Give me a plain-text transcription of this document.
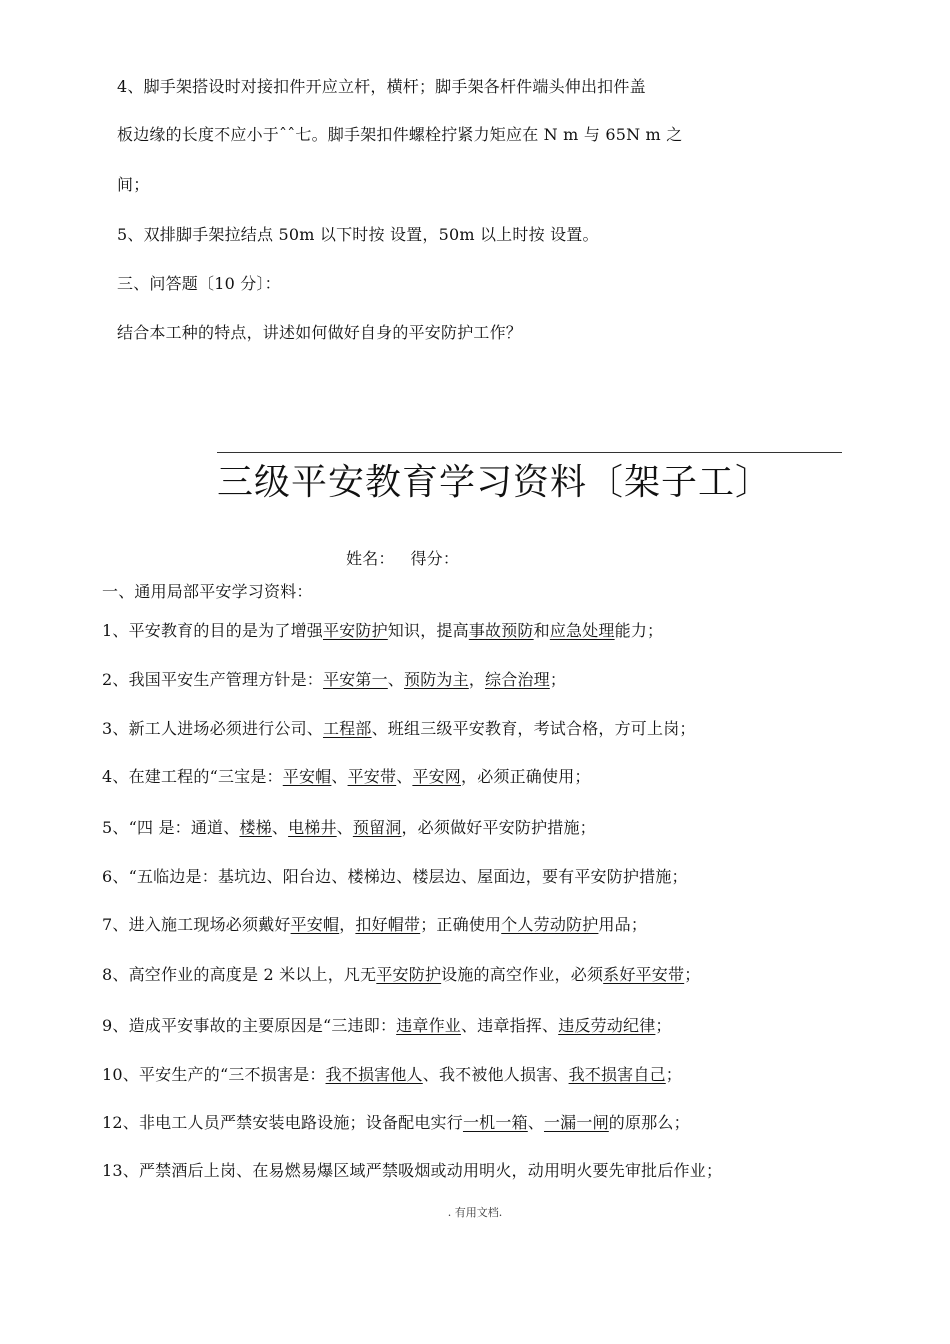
4、脚手架搭设时对接扣件开应立杆，横杆；脚手架各杆件端头伸出扣件盖
板边缘的长度不应小于ˆˆ七。脚手架扣件螺栓拧紧力矩应在 N m 与 65N m 之
间；
5、双排脚手架拉结点 50m 以下时按 设置，50m 以上时按 设置。
三、问答题〔10 分〕：
结合本工种的特点，讲述如何做好自身的平安防护工作？
三级平安教育学习资料〔架子工〕
姓名：   得分：
一、通用局部平安学习资料：
1、平安教育的目的是为了增强平安防护知识，提高事故预防和应急处理能力；
2、我国平安生产管理方针是：平安第一、预防为主，综合治理；
3、新工人进场必须进行公司、工程部、班组三级平安教育，考试合格，方可上岗；
4、在建工程的“三宝是：平安帽、平安带、平安网，必须正确使用；
5、“四 是：通道、楼梯、电梯井、预留洞，必须做好平安防护措施；
6、“五临边是：基坑边、阳台边、楼梯边、楼层边、屋面边，要有平安防护措施；
7、进入施工现场必须戴好平安帽，扣好帽带；正确使用个人劳动防护用品；
8、高空作业的高度是 2 米以上，凡无平安防护设施的高空作业，必须系好平安带；
9、造成平安事故的主要原因是“三违即：违章作业、违章指挥、违反劳动纪律；
10、平安生产的“三不损害是：我不损害他人、我不被他人损害、我不损害自己；
12、非电工人员严禁安装电路设施；设备配电实行一机一箱、一漏一闸的原那么；
13、严禁酒后上岗、在易燃易爆区域严禁吸烟或动用明火，动用明火要先审批后作业；
. 有用文档.
